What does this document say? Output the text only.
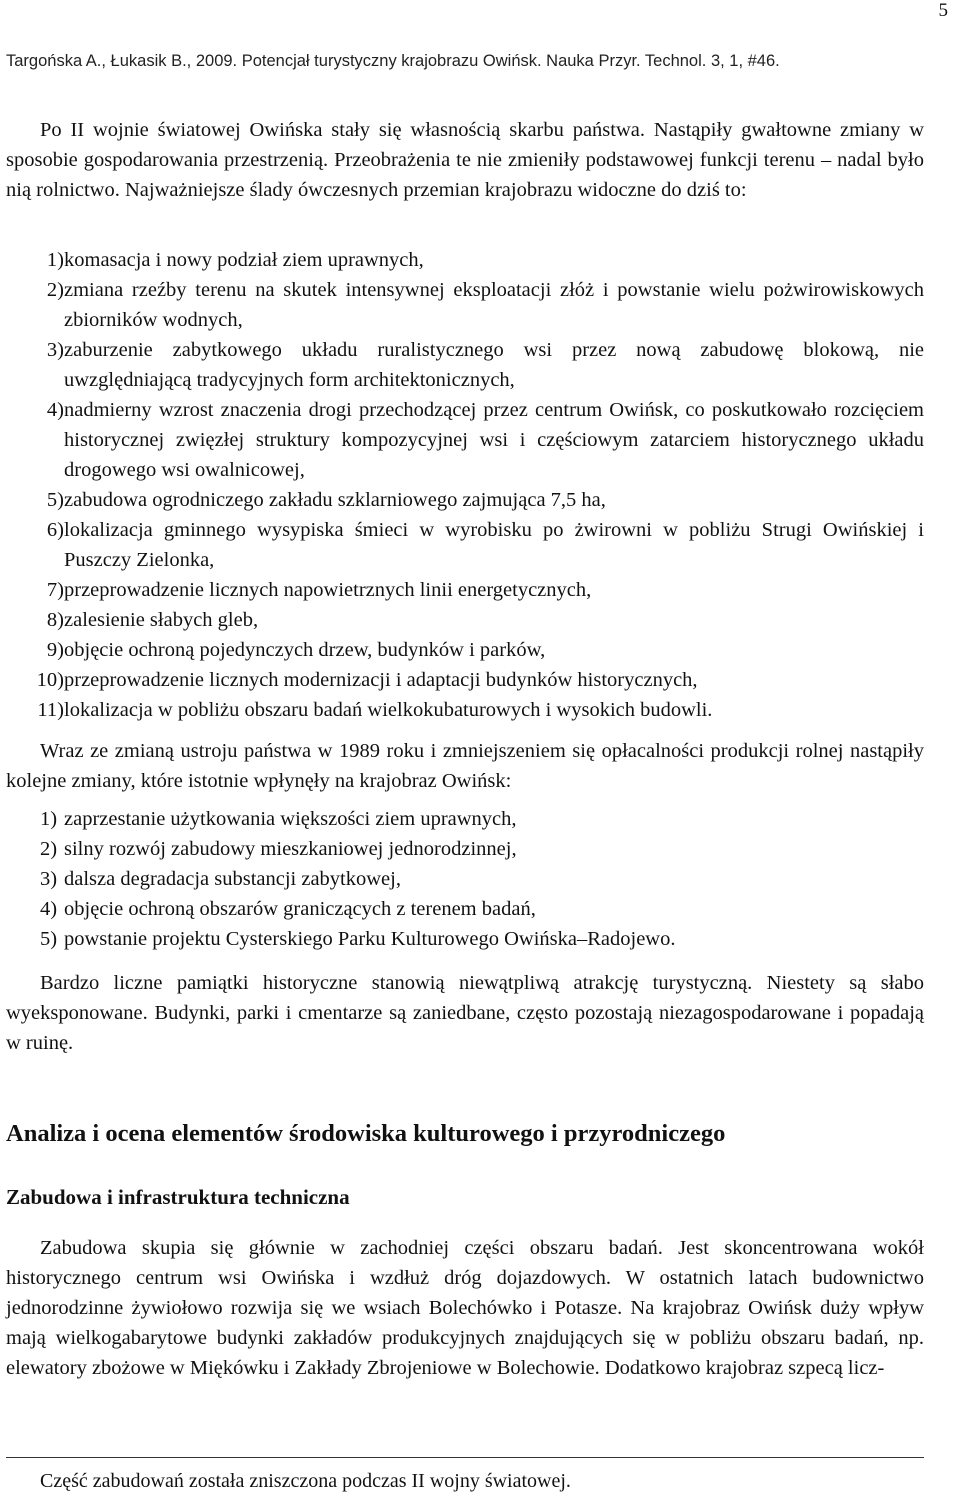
5
Targońska A., Łukasik B., 2009. Potencjał turystyczny krajobrazu Owińsk. Nauka Przyr. Technol. 3, 1, #46.

Po II wojnie światowej Owińska stały się własnością skarbu państwa. Nastąpiły gwałtowne zmiany w sposobie gospodarowania przestrzenią. Przeobrażenia te nie zmieniły podstawowej funkcji terenu – nadal było nią rolnictwo. Najważniejsze ślady ówczesnych przemian krajobrazu widoczne do dziś to:

1) komasacja i nowy podział ziem uprawnych,
2) zmiana rzeźby terenu na skutek intensywnej eksploatacji złóż i powstanie wielu pożwirowiskowych zbiorników wodnych,
3) zaburzenie zabytkowego układu ruralistycznego wsi przez nową zabudowę blokową, nie uwzględniającą tradycyjnych form architektonicznych,
4) nadmierny wzrost znaczenia drogi przechodzącej przez centrum Owińsk, co poskutkowało rozcięciem historycznej zwięzłej struktury kompozycyjnej wsi i częściowym zatarciem historycznego układu drogowego wsi owalnicowej,
5) zabudowa ogrodniczego zakładu szklarniowego zajmująca 7,5 ha,
6) lokalizacja gminnego wysypiska śmieci w wyrobisku po żwirowni w pobliżu Strugi Owińskiej i Puszczy Zielonka,
7) przeprowadzenie licznych napowietrznych linii energetycznych,
8) zalesienie słabych gleb,
9) objęcie ochroną pojedynczych drzew, budynków i parków,
10) przeprowadzenie licznych modernizacji i adaptacji budynków historycznych,
11) lokalizacja w pobliżu obszaru badań wielkokubaturowych i wysokich budowli.

Wraz ze zmianą ustroju państwa w 1989 roku i zmniejszeniem się opłacalności produkcji rolnej nastąpiły kolejne zmiany, które istotnie wpłynęły na krajobraz Owińsk:

1) zaprzestanie użytkowania większości ziem uprawnych,
2) silny rozwój zabudowy mieszkaniowej jednorodzinnej,
3) dalsza degradacja substancji zabytkowej,
4) objęcie ochroną obszarów graniczących z terenem badań,
5) powstanie projektu Cysterskiego Parku Kulturowego Owińska–Radojewo.

Bardzo liczne pamiątki historyczne stanowią niewątpliwą atrakcję turystyczną. Niestety są słabo wyeksponowane. Budynki, parki i cmentarze są zaniedbane, często pozostają niezagospodarowane i popadają w ruinę.

Analiza i ocena elementów środowiska kulturowego i przyrodniczego
Zabudowa i infrastruktura techniczna

Zabudowa skupia się głównie w zachodniej części obszaru badań. Jest skoncentrowana wokół historycznego centrum wsi Owińska i wzdłuż dróg dojazdowych. W ostatnich latach budownictwo jednorodzinne żywiołowo rozwija się we wsiach Bolechówko i Potasze. Na krajobraz Owińsk duży wpływ mają wielkogabarytowe budynki zakładów produkcyjnych znajdujących się w pobliżu obszaru badań, np. elewatory zbożowe w Miękówku i Zakłady Zbrojeniowe w Bolechowie. Dodatkowo krajobraz szpecą licz-

Część zabudowań została zniszczona podczas II wojny światowej.
